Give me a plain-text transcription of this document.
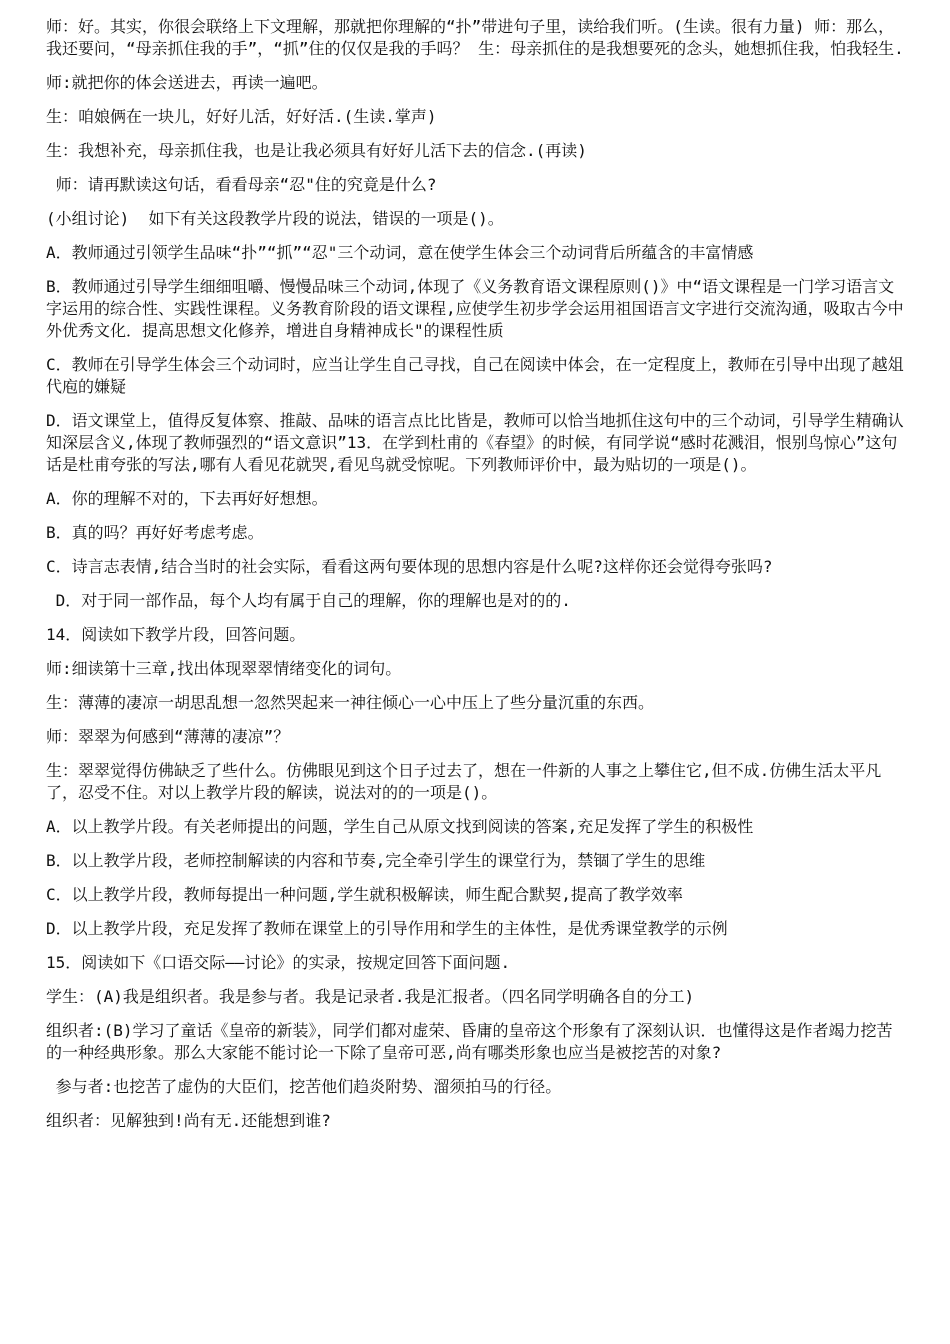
师：好。其实，你很会联络上下文理解，那就把你理解的“扑”带进句子里，读给我们听。(生读。很有力量) 师：那么，我还要问，“母亲抓住我的手”，“抓”住的仅仅是我的手吗？ 生：母亲抓住的是我想要死的念头，她想抓住我，怕我轻生.

师:就把你的体会送进去，再读一遍吧。

生：咱娘俩在一块儿，好好儿活，好好活.(生读.掌声)

生：我想补充，母亲抓住我，也是让我必须具有好好儿活下去的信念.(再读)

师：请再默读这句话，看看母亲“忍"住的究竟是什么?

(小组讨论)  如下有关这段教学片段的说法，错误的一项是()。

A．教师通过引领学生品味“扑”“抓”“忍"三个动词，意在使学生体会三个动词背后所蕴含的丰富情感

B．教师通过引导学生细细咀嚼、慢慢品味三个动词,体现了《义务教育语文课程原则()》中“语文课程是一门学习语言文字运用的综合性、实践性课程。义务教育阶段的语文课程,应使学生初步学会运用祖国语言文字进行交流沟通，吸取古今中外优秀文化．提高思想文化修养，增进自身精神成长"的课程性质

C．教师在引导学生体会三个动词时，应当让学生自己寻找，自己在阅读中体会，在一定程度上，教师在引导中出现了越俎代庖的嫌疑

D．语文课堂上，值得反复体察、推敲、品味的语言点比比皆是，教师可以恰当地抓住这句中的三个动词，引导学生精确认知深层含义,体现了教师强烈的“语文意识”13．在学到杜甫的《春望》的时候，有同学说“感时花溅泪，恨别鸟惊心”这句话是杜甫夸张的写法,哪有人看见花就哭,看见鸟就受惊呢。下列教师评价中，最为贴切的一项是()。

A．你的理解不对的，下去再好好想想。

B．真的吗？再好好考虑考虑。

C．诗言志表情,结合当时的社会实际，看看这两句要体现的思想内容是什么呢?这样你还会觉得夸张吗?

D．对于同一部作品，每个人均有属于自己的理解，你的理解也是对的的.

14．阅读如下教学片段，回答问题。

师:细读第十三章,找出体现翠翠情绪变化的词句。

生：薄薄的凄凉一胡思乱想一忽然哭起来一神往倾心一心中压上了些分量沉重的东西。

师：翠翠为何感到“薄薄的凄凉”？

生：翠翠觉得仿佛缺乏了些什么。仿佛眼见到这个日子过去了，想在一件新的人事之上攀住它,但不成.仿佛生活太平凡了，忍受不住。对以上教学片段的解读，说法对的的一项是()。

A．以上教学片段。有关老师提出的问题，学生自己从原文找到阅读的答案,充足发挥了学生的积极性

B．以上教学片段，老师控制解读的内容和节奏,完全牵引学生的课堂行为，禁锢了学生的思维

C．以上教学片段，教师每提出一种问题,学生就积极解读，师生配合默契,提高了教学效率

D．以上教学片段，充足发挥了教师在课堂上的引导作用和学生的主体性，是优秀课堂教学的示例

15．阅读如下《口语交际——讨论》的实录，按规定回答下面问题.

学生：(A)我是组织者。我是参与者。我是记录者.我是汇报者。（四名同学明确各自的分工)

组织者:(B)学习了童话《皇帝的新装》，同学们都对虚荣、昏庸的皇帝这个形象有了深刻认识．也懂得这是作者竭力挖苦的一种经典形象。那么大家能不能讨论一下除了皇帝可恶,尚有哪类形象也应当是被挖苦的对象?

参与者:也挖苦了虚伪的大臣们，挖苦他们趋炎附势、溜须拍马的行径。

组织者：见解独到!尚有无.还能想到谁?
